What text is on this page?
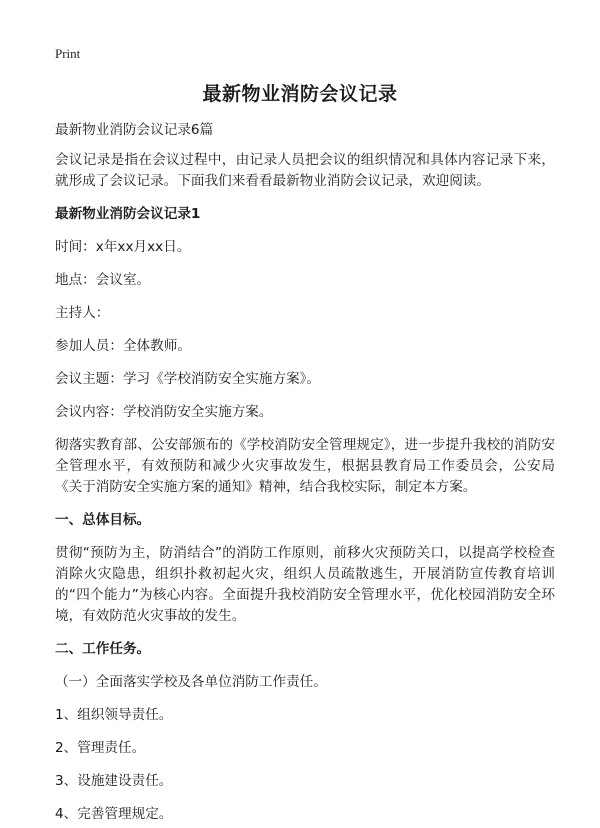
Print
最新物业消防会议记录

最新物业消防会议记录6篇

会议记录是指在会议过程中，由记录人员把会议的组织情况和具体内容记录下来，就形成了会议记录。下面我们来看看最新物业消防会议记录，欢迎阅读。

最新物业消防会议记录1

时间：x年xx月xx日。

地点：会议室。

主持人：

参加人员：全体教师。

会议主题：学习《学校消防安全实施方案》。

会议内容：学校消防安全实施方案。

彻落实教育部、公安部颁布的《学校消防安全管理规定》，进一步提升我校的消防安全管理水平，有效预防和减少火灾事故发生，根据县教育局工作委员会，公安局《关于消防安全实施方案的通知》精神，结合我校实际，制定本方案。

一、总体目标。

贯彻“预防为主，防消结合”的消防工作原则，前移火灾预防关口，以提高学校检查消除火灾隐患，组织扑救初起火灾，组织人员疏散逃生，开展消防宣传教育培训的“四个能力”为核心内容。全面提升我校消防安全管理水平，优化校园消防安全环境，有效防范火灾事故的发生。

二、工作任务。

（一）全面落实学校及各单位消防工作责任。

1、组织领导责任。

2、管理责任。

3、设施建设责任。

4、完善管理规定。
